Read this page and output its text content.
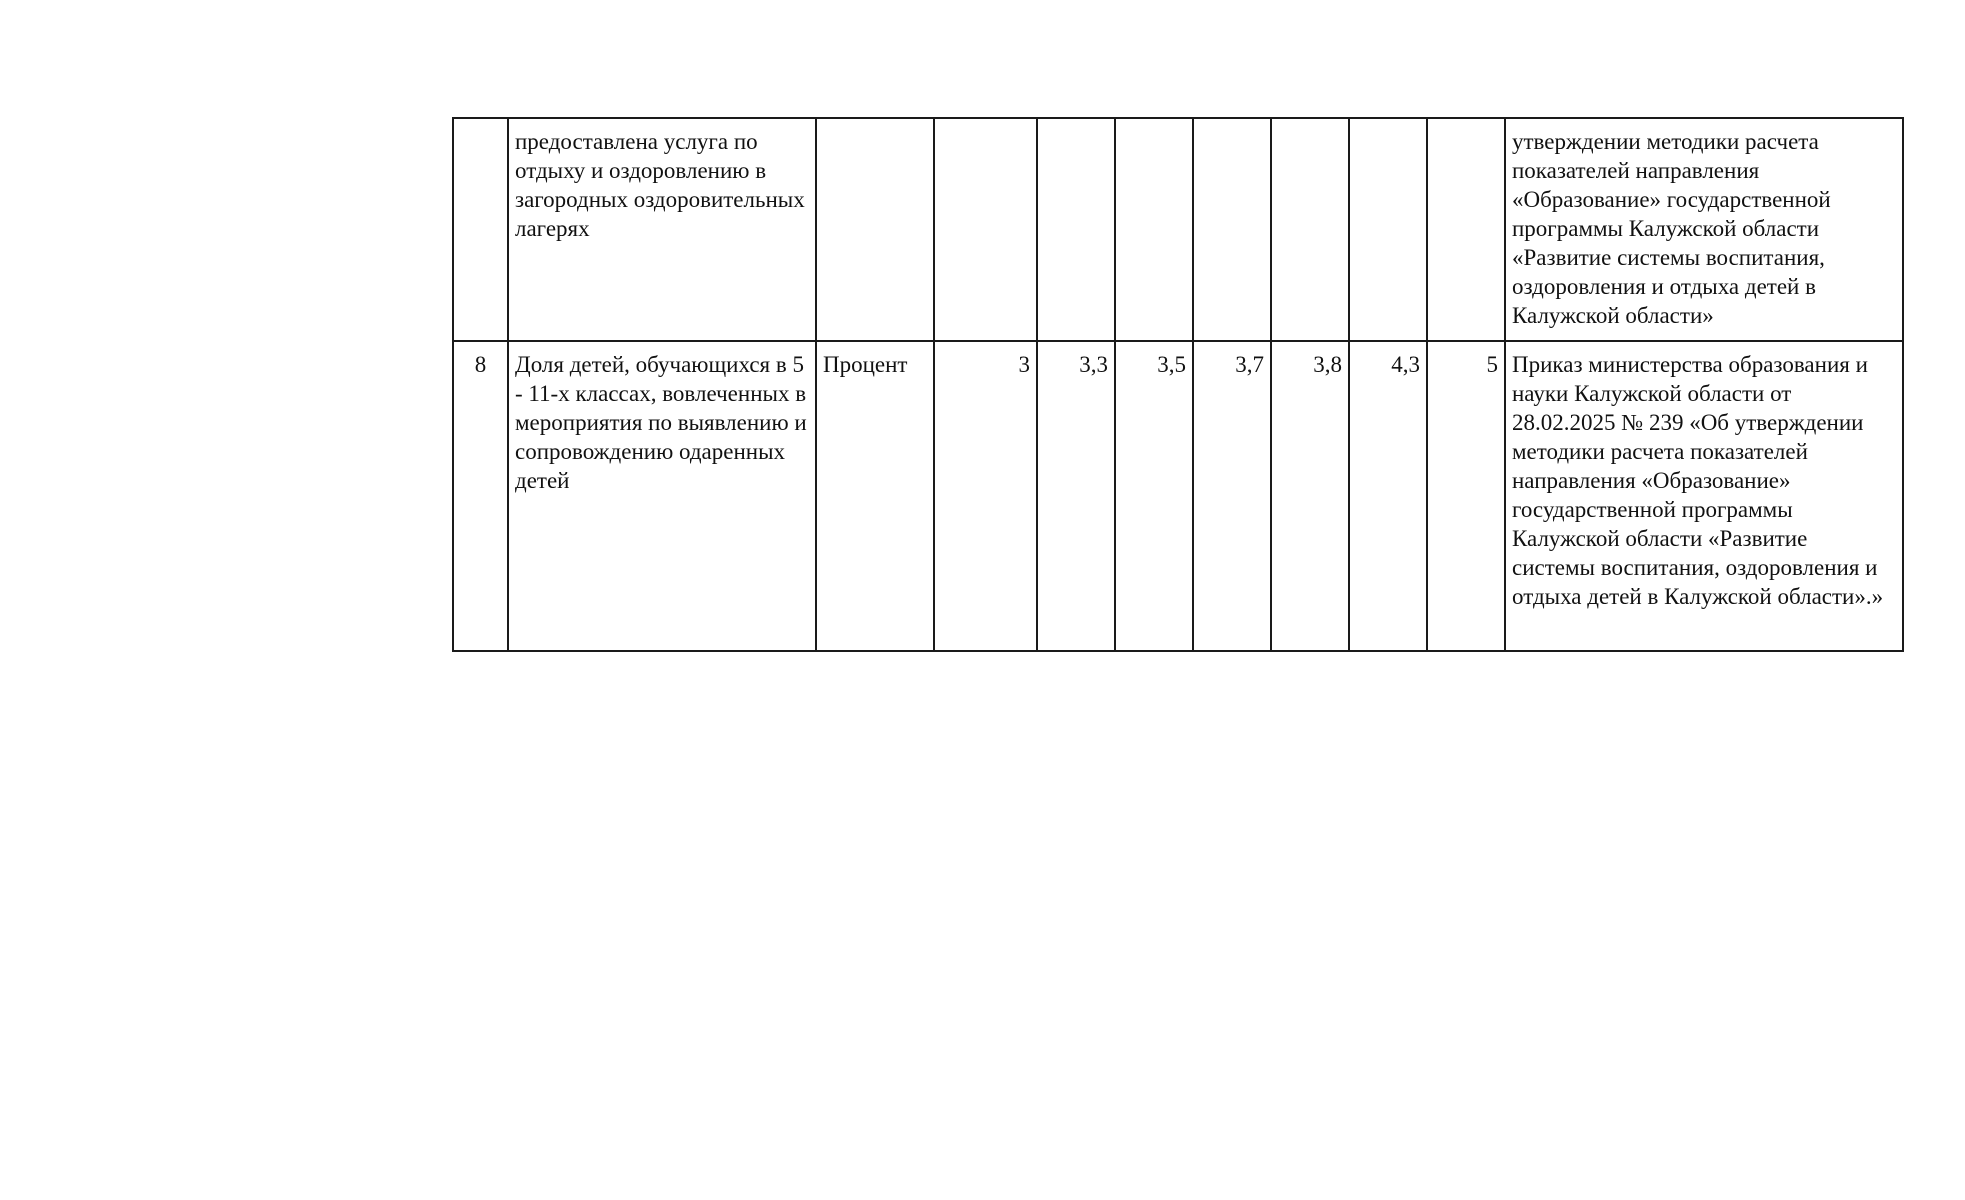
	предоставлена услуга по отдыху и оздоровлению в загородных оздоровительных лагерях									утверждении методики расчета показателей направления «Образование» государственной программы Калужской области «Развитие системы воспитания, оздоровления и отдыха детей в Калужской области»
8	Доля детей, обучающихся в 5 - 11-х классах, вовлеченных в мероприятия по выявлению и сопровождению одаренных детей	Процент	3	3,3	3,5	3,7	3,8	4,3	5	Приказ министерства образования и науки Калужской области от 28.02.2025 № 239 «Об утверждении методики расчета показателей направления «Образование» государственной программы Калужской области «Развитие системы воспитания, оздоровления и отдыха детей в Калужской области».»
